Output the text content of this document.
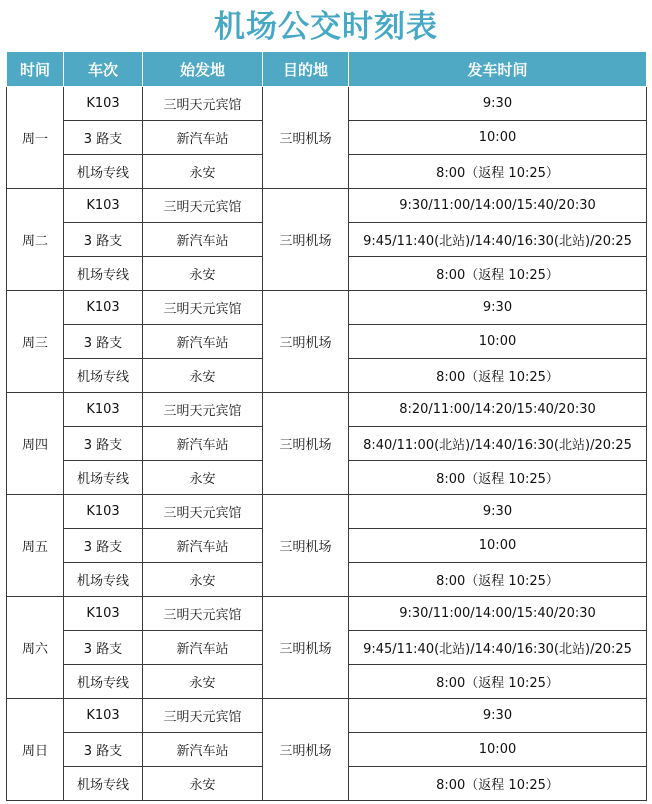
机场公交时刻表
时间	车次	始发地	目的地	发车时间
周一	K103	三明天元宾馆	三明机场	9:30
	3 路支	新汽车站		10:00
	机场专线	永安		8:00（返程 10:25）
周二	K103	三明天元宾馆	三明机场	9:30/11:00/14:00/15:40/20:30
	3 路支	新汽车站		9:45/11:40(北站)/14:40/16:30(北站)/20:25
	机场专线	永安		8:00（返程 10:25）
周三	K103	三明天元宾馆	三明机场	9:30
	3 路支	新汽车站		10:00
	机场专线	永安		8:00（返程 10:25）
周四	K103	三明天元宾馆	三明机场	8:20/11:00/14:20/15:40/20:30
	3 路支	新汽车站		8:40/11:00(北站)/14:40/16:30(北站)/20:25
	机场专线	永安		8:00（返程 10:25）
周五	K103	三明天元宾馆	三明机场	9:30
	3 路支	新汽车站		10:00
	机场专线	永安		8:00（返程 10:25）
周六	K103	三明天元宾馆	三明机场	9:30/11:00/14:00/15:40/20:30
	3 路支	新汽车站		9:45/11:40(北站)/14:40/16:30(北站)/20:25
	机场专线	永安		8:00（返程 10:25）
周日	K103	三明天元宾馆	三明机场	9:30
	3 路支	新汽车站		10:00
	机场专线	永安		8:00（返程 10:25）
